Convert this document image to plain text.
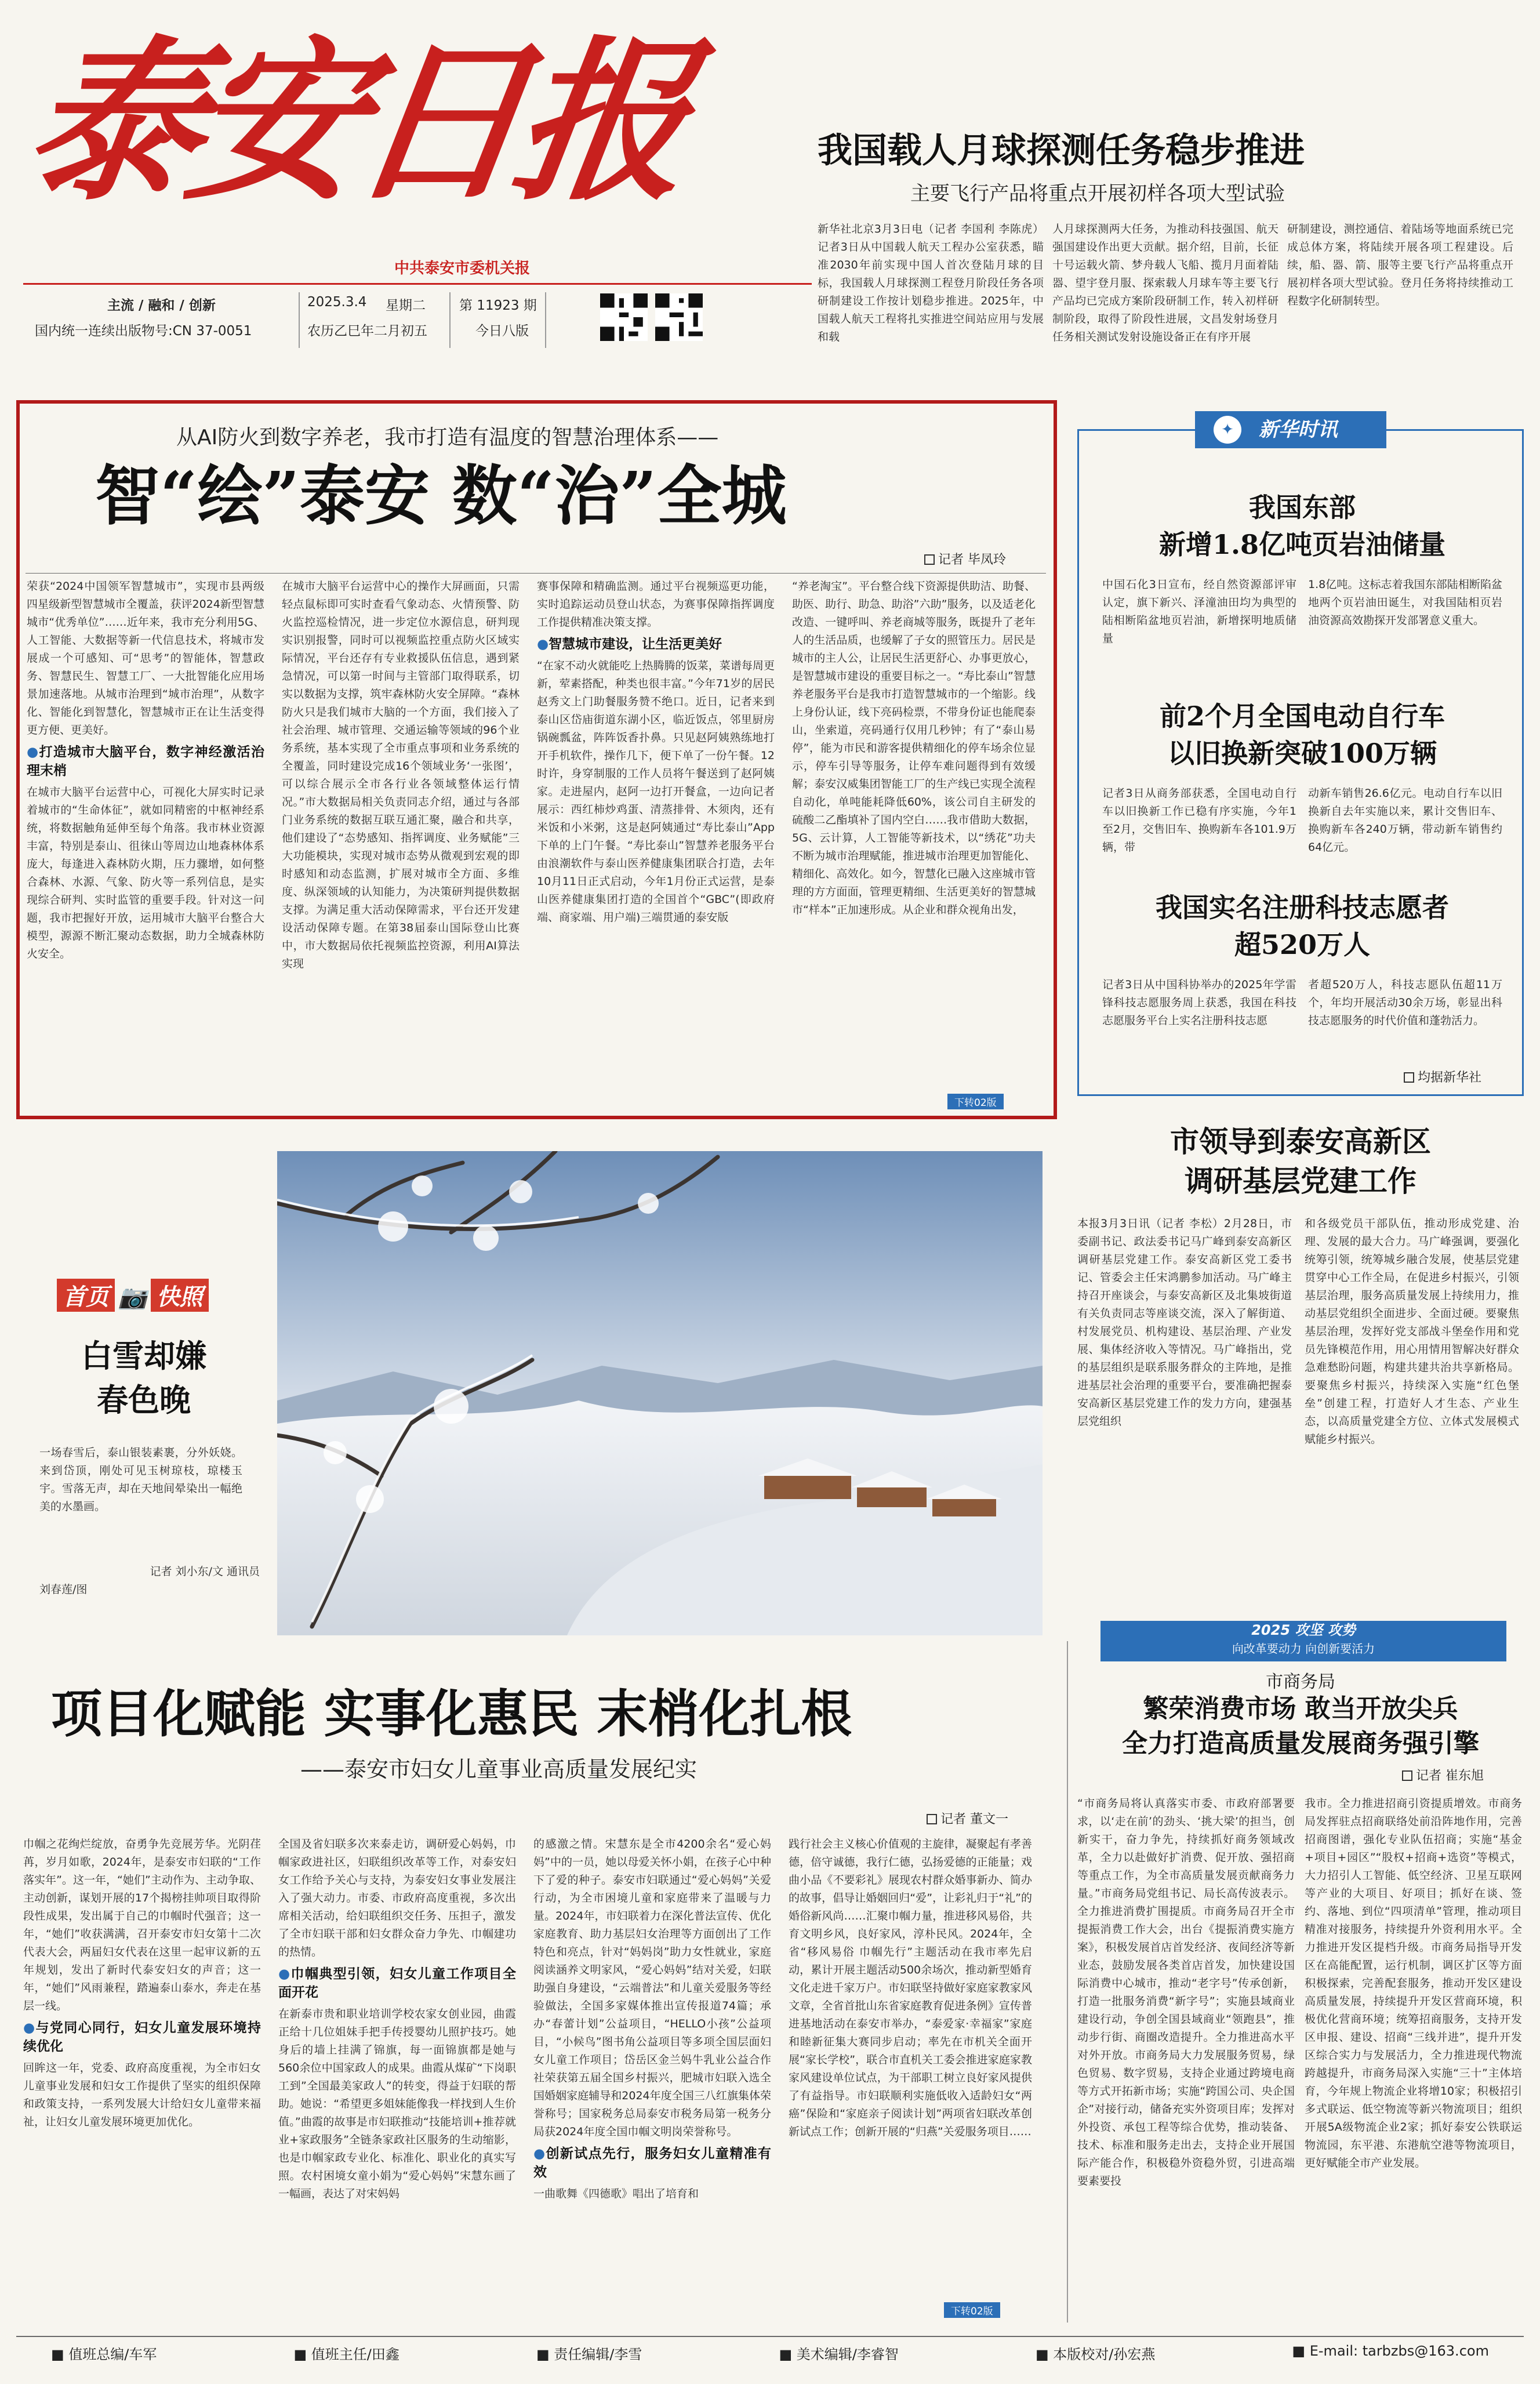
泰安日报
中共泰安市委机关报
主流 / 融和 / 创新
国内统一连续出版物号:CN 37-0051
2025.3.4 星期二
农历乙巳年二月初五
第 11923 期
今日八版
我国载人月球探测任务稳步推进
主要飞行产品将重点开展初样各项大型试验
新华社北京3月3日电（记者 李国利 李陈虎）记者3日从中国载人航天工程办公室获悉，瞄准2030年前实现中国人首次登陆月球的目标，我国载人月球探测工程登月阶段任务各项研制建设工作按计划稳步推进。2025年，中国载人航天工程将扎实推进空间站应用与发展和载
人月球探测两大任务，为推动科技强国、航天强国建设作出更大贡献。据介绍，目前，长征十号运载火箭、梦舟载人飞船、揽月月面着陆器、望宇登月服、探索载人月球车等主要飞行产品均已完成方案阶段研制工作，转入初样研制阶段，取得了阶段性进展，文昌发射场登月任务相关测试发射设施设备正在有序开展
研制建设，测控通信、着陆场等地面系统已完成总体方案，将陆续开展各项工程建设。后续，船、器、箭、服等主要飞行产品将重点开展初样各项大型试验。登月任务将持续推动工程数字化研制转型。
从AI防火到数字养老，我市打造有温度的智慧治理体系——
智“绘”泰安 数“治”全城
记者 毕凤玲
荣获“2024中国领军智慧城市”，实现市县两级四星级新型智慧城市全覆盖，获评2024新型智慧城市“优秀单位”……近年来，我市充分利用5G、人工智能、大数据等新一代信息技术，将城市发展成一个可感知、可“思考”的智能体，智慧政务、智慧民生、智慧工厂、一大批智能化应用场景加速落地。从城市治理到“城市治理”，从数字化、智能化到智慧化，智慧城市正在让生活变得更方便、更美好。
●打造城市大脑平台，数字神经激活治理末梢
在城市大脑平台运营中心，可视化大屏实时记录着城市的“生命体征”，就如同精密的中枢神经系统，将数据触角延伸至每个角落。我市林业资源丰富，特别是泰山、徂徕山等周边山地森林体系庞大，每逢进入森林防火期，压力骤增，如何整合森林、水源、气象、防火等一系列信息，是实现综合研判、实时监管的重要手段。针对这一问题，我市把握好开放，运用城市大脑平台整合大模型，源源不断汇聚动态数据，助力全城森林防火安全。
在城市大脑平台运营中心的操作大屏画面，只需轻点鼠标即可实时查看气象动态、火情预警、防火监控巡检情况，进一步定位水源信息，研判现实识别报警，同时可以视频监控重点防火区域实际情况，平台还存有专业救援队伍信息，遇到紧急情况，可以第一时间与主管部门取得联系，切实以数据为支撑，筑牢森林防火安全屏障。“森林防火只是我们城市大脑的一个方面，我们接入了社会治理、城市管理、交通运输等领域的96个业务系统，基本实现了全市重点事项和业务系统的全覆盖，同时建设完成16个领域业务‘一张图’，可以综合展示全市各行业各领域整体运行情况。”市大数据局相关负责同志介绍，通过与各部门业务系统的数据互联互通汇聚，融合和共享，他们建设了“态势感知、指挥调度、业务赋能”三大功能模块，实现对城市态势从微观到宏观的即时感知和动态监测，扩展对城市全方面、多维度、纵深领域的认知能力，为决策研判提供数据支撑。为满足重大活动保障需求，平台还开发建设活动保障专题。在第38届泰山国际登山比赛中，市大数据局依托视频监控资源，利用AI算法实现
赛事保障和精确监测。通过平台视频巡更功能，实时追踪运动员登山状态，为赛事保障指挥调度工作提供精准决策支撑。
●智慧城市建设，让生活更美好
“在家不动火就能吃上热腾腾的饭菜，菜谱每周更新，荤素搭配，种类也很丰富。”今年71岁的居民赵秀文上门助餐服务赞不绝口。近日，记者来到泰山区岱庙街道东湖小区，临近饭点，邻里厨房锅碗瓢盆，阵阵饭香扑鼻。只见赵阿姨熟练地打开手机软件，操作几下，便下单了一份午餐。12时许，身穿制服的工作人员将午餐送到了赵阿姨家。走进屋内，赵阿一边打开餐盒，一边向记者展示：西红柿炒鸡蛋、清蒸排骨、木须肉，还有米饭和小米粥，这是赵阿姨通过“寿比泰山”App下单的上门午餐。“寿比泰山”智慧养老服务平台由浪潮软件与泰山医养健康集团联合打造，去年10月11日正式启动，今年1月份正式运营，是泰山医养健康集团打造的全国首个“GBC”(即政府端、商家端、用户端)三端贯通的泰安版
“养老淘宝”。平台整合线下资源提供助洁、助餐、助医、助行、助急、助浴”六助”服务，以及适老化改造、一键呼叫、养老商城等服务，既提升了老年人的生活品质，也缓解了子女的照管压力。居民是城市的主人公，让居民生活更舒心、办事更放心，是智慧城市建设的重要目标之一。“寿比泰山”智慧养老服务平台是我市打造智慧城市的一个缩影。线上身份认证，线下亮码检票，不带身份证也能爬泰山，坐索道，亮码通行仅用几秒钟；有了“泰山易停”，能为市民和游客提供精细化的停车场余位显示，停车引导等服务，让停车难问题得到有效缓解；泰安汉威集团智能工厂的生产线已实现全流程自动化，单吨能耗降低60%，该公司自主研发的硫酸二乙酯填补了国内空白……我市借助大数据，5G、云计算，人工智能等新技术，以“绣花”功夫不断为城市治理赋能，推进城市治理更加智能化、精细化、高效化。如今，智慧化已融入这座城市管理的方方面面，管理更精细、生活更美好的智慧城市“样本”正加速形成。从企业和群众视角出发，
下转02版
✦	新华时讯
我国东部
新增1.8亿吨页岩油储量
中国石化3日宣布，经自然资源部评审认定，旗下新兴、泽潼油田均为典型的陆相断陷盆地页岩油，新增探明地质储量
1.8亿吨。这标志着我国东部陆相断陷盆地两个页岩油田诞生，对我国陆相页岩油资源高效勘探开发部署意义重大。
前2个月全国电动自行车
以旧换新突破100万辆
记者3日从商务部获悉，全国电动自行车以旧换新工作已稳有序实施，今年1至2月，交售旧车、换购新车各101.9万辆，带
动新车销售26.6亿元。电动自行车以旧换新自去年实施以来，累计交售旧车、换购新车各240万辆，带动新车销售约64亿元。
我国实名注册科技志愿者
超520万人
记者3日从中国科协举办的2025年学雷锋科技志愿服务周上获悉，我国在科技志愿服务平台上实名注册科技志愿
者超520万人，科技志愿队伍超11万个，年均开展活动30余万场，彰显出科技志愿服务的时代价值和蓬勃活力。
均据新华社
首页 📷 快照
白雪却嫌
春色晚
一场春雪后，泰山银装素裹，分外妖娆。来到岱顶，刚处可见玉树琼枝，琼楼玉宇。雪落无声，却在天地间晕染出一幅绝美的水墨画。
记者 刘小东/文 通讯员
刘春莲/图
市领导到泰安高新区
调研基层党建工作
本报3月3日讯（记者 李松）2月28日，市委副书记、政法委书记马广峰到泰安高新区调研基层党建工作。泰安高新区党工委书记、管委会主任宋鸿鹏参加活动。马广峰主持召开座谈会，与泰安高新区及北集坡街道有关负责同志等座谈交流，深入了解街道、村发展党员、机构建设、基层治理、产业发展、集体经济收入等情况。马广峰指出，党的基层组织是联系服务群众的主阵地，是推进基层社会治理的重要平台，要准确把握泰安高新区基层党建工作的发力方向，建强基层党组织
和各级党员干部队伍，推动形成党建、治理、发展的最大合力。马广峰强调，要强化统筹引领，统筹城乡融合发展，使基层党建贯穿中心工作全局，在促进乡村振兴，引领基层治理，服务高质量发展上持续用力，推动基层党组织全面进步、全面过硬。要聚焦基层治理，发挥好党支部战斗堡垒作用和党员先锋模范作用，用心用情用智解决好群众急难愁盼问题，构建共建共治共享新格局。要聚焦乡村振兴，持续深入实施“红色堡垒”创建工程，打造好人才生态、产业生态，以高质量党建全方位、立体式发展模式赋能乡村振兴。
2025 攻坚 攻势
向改革要动力 向创新要活力
市商务局
繁荣消费市场 敢当开放尖兵
全力打造高质量发展商务强引擎
记者 崔东旭
“市商务局将认真落实市委、市政府部署要求，以‘走在前’的劲头、‘挑大梁’的担当，创新实干，奋力争先，持续抓好商务领域改革，全力以赴做好扩消费、促开放、强招商等重点工作，为全市高质量发展贡献商务力量。”市商务局党组书记、局长高传波表示。全力推进消费扩围提质。市商务局召开全市提振消费工作大会，出台《提振消费实施方案》，积极发展首店首发经济、夜间经济等新业态，鼓励发展各类首店首发，加快建设国际消费中心城市，推动“老字号”传承创新，打造一批服务消费“新字号”；实施县域商业建设行动，争创全国县域商业“领跑县”，推动步行街、商圈改造提升。全力推进高水平对外开放。市商务局大力发展服务贸易，绿色贸易、数字贸易，支持企业通过跨境电商等方式开拓新市场；实施“跨国公司、央企国企”对接行动，储备充实外资项目库；发挥对外投资、承包工程等综合优势，推动装备、技术、标准和服务走出去，支持企业开展国际产能合作，积极稳外资稳外贸，引进高端要素要投
我市。全力推进招商引资提质增效。市商务局发挥驻点招商联络处前沿阵地作用，完善招商图谱，强化专业队伍招商；实施“基金+项目+园区”“股权+招商+选资”等模式，大力招引人工智能、低空经济、卫星互联网等产业的大项目、好项目；抓好在谈、签约、落地、到位“四项清单”管理，推动项目精准对接服务，持续提升外资利用水平。全力推进开发区提档升级。市商务局指导开发区在高能配置，运行机制，调区扩区等方面积极探索，完善配套服务，推动开发区建设高质量发展，持续提升开发区营商环境，积极优化营商环境；统筹招商服务，支持开发区申报、建设、招商“三线并进”，提升开发区综合实力与发展活力，全力推进现代物流跨越提升，市商务局深入实施“三十”主体培育，今年规上物流企业将增10家；积极招引多式联运、低空物流等新兴物流项目；组织开展5A级物流企业2家；抓好泰安公铁联运物流园，东平港、东港航空港等物流项目，更好赋能全市产业发展。
项目化赋能 实事化惠民 末梢化扎根
——泰安市妇女儿童事业高质量发展纪实
记者 董文一
巾帼之花绚烂绽放，奋勇争先竞展芳华。光阴荏苒，岁月如歌，2024年，是泰安市妇联的“工作落实年”。这一年，“她们”主动作为、主动争取、主动创新，谋划开展的17个揭榜挂帅项目取得阶段性成果，发出属于自己的巾帼时代强音；这一年，“她们”收获满满，召开泰安市妇女第十二次代表大会，两届妇女代表在这里一起审议新的五年规划，发出了新时代泰安妇女的声音；这一年，“她们”风雨兼程，踏遍泰山泰水，奔走在基层一线。
●与党同心同行，妇女儿童发展环境持续优化
回眸这一年，党委、政府高度重视，为全市妇女儿童事业发展和妇女工作提供了坚实的组织保障和政策支持，一系列发展大计给妇女儿童带来福祉，让妇女儿童发展环境更加优化。
全国及省妇联多次来泰走访，调研爱心妈妈，巾帼家政进社区，妇联组织改革等工作，对泰安妇女工作给予关心与支持，为泰安妇女事业发展注入了强大动力。市委、市政府高度重视，多次出席相关活动，给妇联组织交任务、压担子，激发了全市妇联干部和妇女群众奋力争先、巾帼建功的热情。
●巾帼典型引领，妇女儿童工作项目全面开花
在新泰市贵和职业培训学校农家女创业园，曲霞正给十几位姐妹手把手传授婴幼儿照护技巧。她身后的墙上挂满了锦旗，每一面锦旗都是她与560余位中国家政人的成果。曲霞从煤矿“下岗职工到”全国最美家政人”的转变，得益于妇联的帮助。她说：“希望更多姐妹能像我一样找到人生价值。”曲霞的故事是市妇联推动“技能培训+推荐就业+家政服务”全链条家政社区服务的生动缩影，也是巾帼家政专业化、标准化、职业化的真实写照。农村困境女童小娟为“爱心妈妈”宋慧东画了一幅画，表达了对宋妈妈
的感激之情。宋慧东是全市4200余名“爱心妈妈”中的一员，她以母爱关怀小娟，在孩子心中种下了爱的种子。泰安市妇联通过“爱心妈妈”关爱行动，为全市困境儿童和家庭带来了温暖与力量。2024年，市妇联着力在深化普法宣传、优化家庭教育、助力基层妇女治理等方面创出了工作特色和亮点，针对“妈妈岗”助力女性就业，家庭阅读涵养文明家风，“爱心妈妈”结对关爱，妇联助强自身建设，“云端普法”和儿童关爱服务等经验做法，全国多家媒体推出宣传报道74篇；承办“春蕾计划”公益项目，“HELLO小孩”公益项目，“小候鸟”图书角公益项目等多项全国层面妇女儿童工作项目；岱岳区金兰妈牛乳业公益合作社荣获第五届全国乡村振兴，肥城市妇联入选全国婚姻家庭辅导和2024年度全国三八红旗集体荣誉称号；国家税务总局泰安市税务局第一税务分局获2024年度全国巾帼文明岗荣誉称号。
●创新试点先行，服务妇女儿童精准有效
一曲歌舞《四德歌》唱出了培育和
践行社会主义核心价值观的主旋律，凝聚起有孝善德，倍守诚德，我行仁德，弘扬爱德的正能量；戏曲小品《不要彩礼》展现农村群众婚事新办、简办的故事，倡导让婚姻回归“爱”，让彩礼归于“礼”的婚俗新风尚……汇聚巾帼力量，推进移风易俗，共育文明乡风，良好家风，淳朴民风。2024年，全省“移风易俗 巾帼先行”主题活动在我市率先启动，累计开展主题活动500余场次，推动新型婚育文化走进千家万户。市妇联坚持做好家庭家教家风文章，全省首批山东省家庭教育促进条例》宣传普进基地活动在泰安市举办，“泰爱家·幸福家”家庭和睦新征集大赛同步启动；率先在市机关全面开展“家长学校”，联合市直机关工委会推进家庭家教家风建设单位试点，为干部职工树立良好家风提供了有益指导。市妇联顺利实施低收入适龄妇女“两癌”保险和“家庭亲子阅读计划”两项省妇联改革创新试点工作；创新开展的“归燕”关爱服务项目……
下转02版
■ 值班总编/车军	■ 值班主任/田鑫	■ 责任编辑/李雪	■ 美术编辑/李睿智	■ 本版校对/孙宏燕	■ E-mail: tarbzbs@163.com
